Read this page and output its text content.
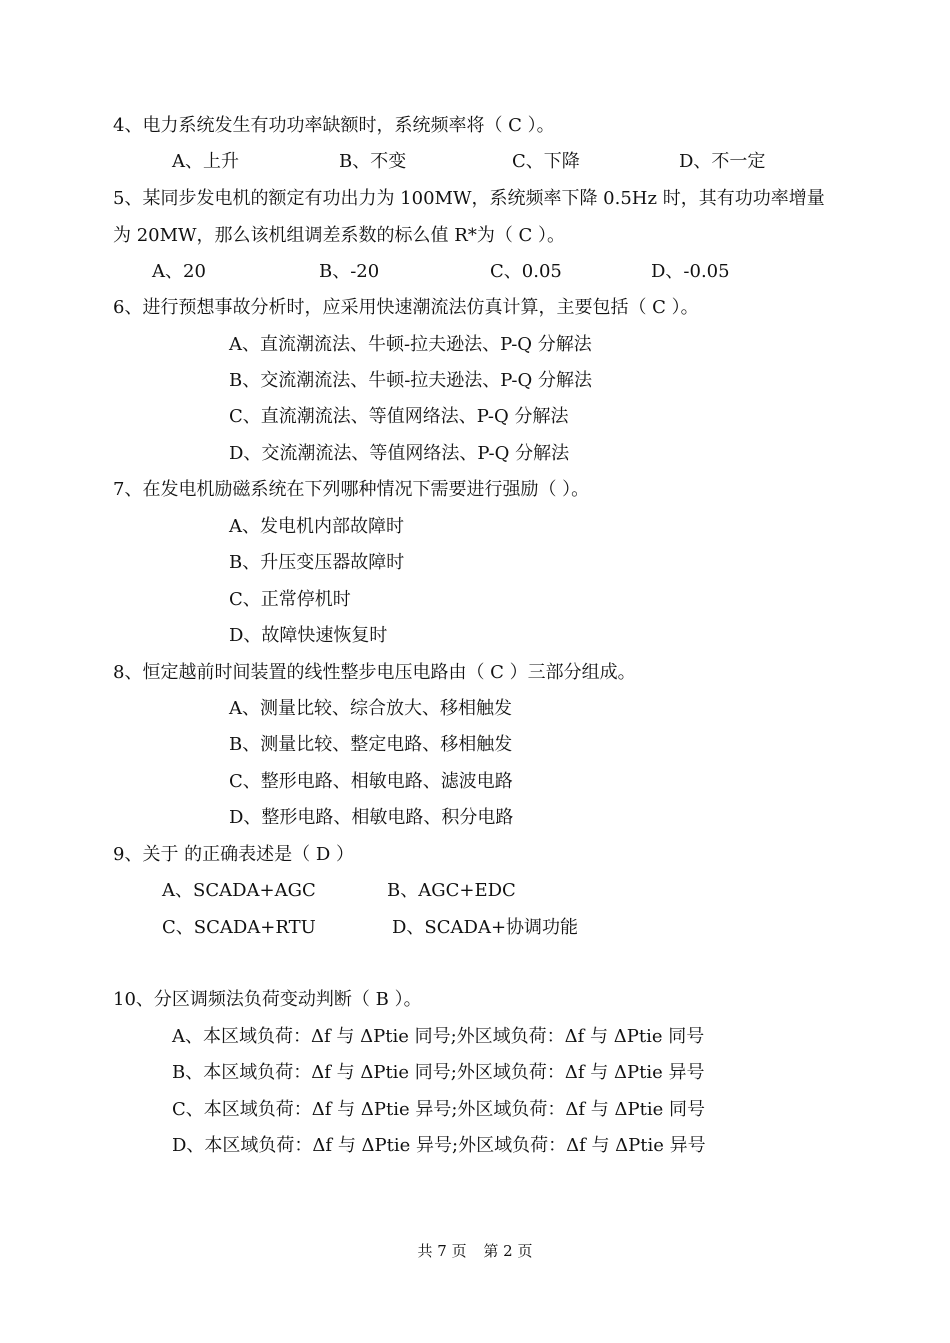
4、电力系统发生有功功率缺额时，系统频率将（ C ）。
A、上升	B、不变	C、下降	D、不一定
5、某同步发电机的额定有功出力为 100MW，系统频率下降 0.5Hz 时，其有功功率增量
为 20MW，那么该机组调差系数的标么值 R*为（ C ）。
A、20	B、-20	C、0.05	D、-0.05
6、进行预想事故分析时，应采用快速潮流法仿真计算，主要包括（ C ）。
A、直流潮流法、牛顿-拉夫逊法、P-Q 分解法
B、交流潮流法、牛顿-拉夫逊法、P-Q 分解法
C、直流潮流法、等值网络法、P-Q 分解法
D、交流潮流法、等值网络法、P-Q 分解法
7、在发电机励磁系统在下列哪种情况下需要进行强励（ ）。
A、发电机内部故障时
B、升压变压器故障时
C、正常停机时
D、故障快速恢复时
8、恒定越前时间装置的线性整步电压电路由（ C ）三部分组成。
A、测量比较、综合放大、移相触发
B、测量比较、整定电路、移相触发
C、整形电路、相敏电路、滤波电路
D、整形电路、相敏电路、积分电路
9、关于 的正确表述是（ D ）
A、SCADA+AGC	B、AGC+EDC
C、SCADA+RTU	D、SCADA+协调功能
10、分区调频法负荷变动判断（ B ）。
A、本区域负荷：Δf 与 ΔPtie 同号;外区域负荷：Δf 与 ΔPtie 同号
B、本区域负荷：Δf 与 ΔPtie 同号;外区域负荷：Δf 与 ΔPtie 异号
C、本区域负荷：Δf 与 ΔPtie 异号;外区域负荷：Δf 与 ΔPtie 同号
D、本区域负荷：Δf 与 ΔPtie 异号;外区域负荷：Δf 与 ΔPtie 异号
共 7 页 第 2 页
